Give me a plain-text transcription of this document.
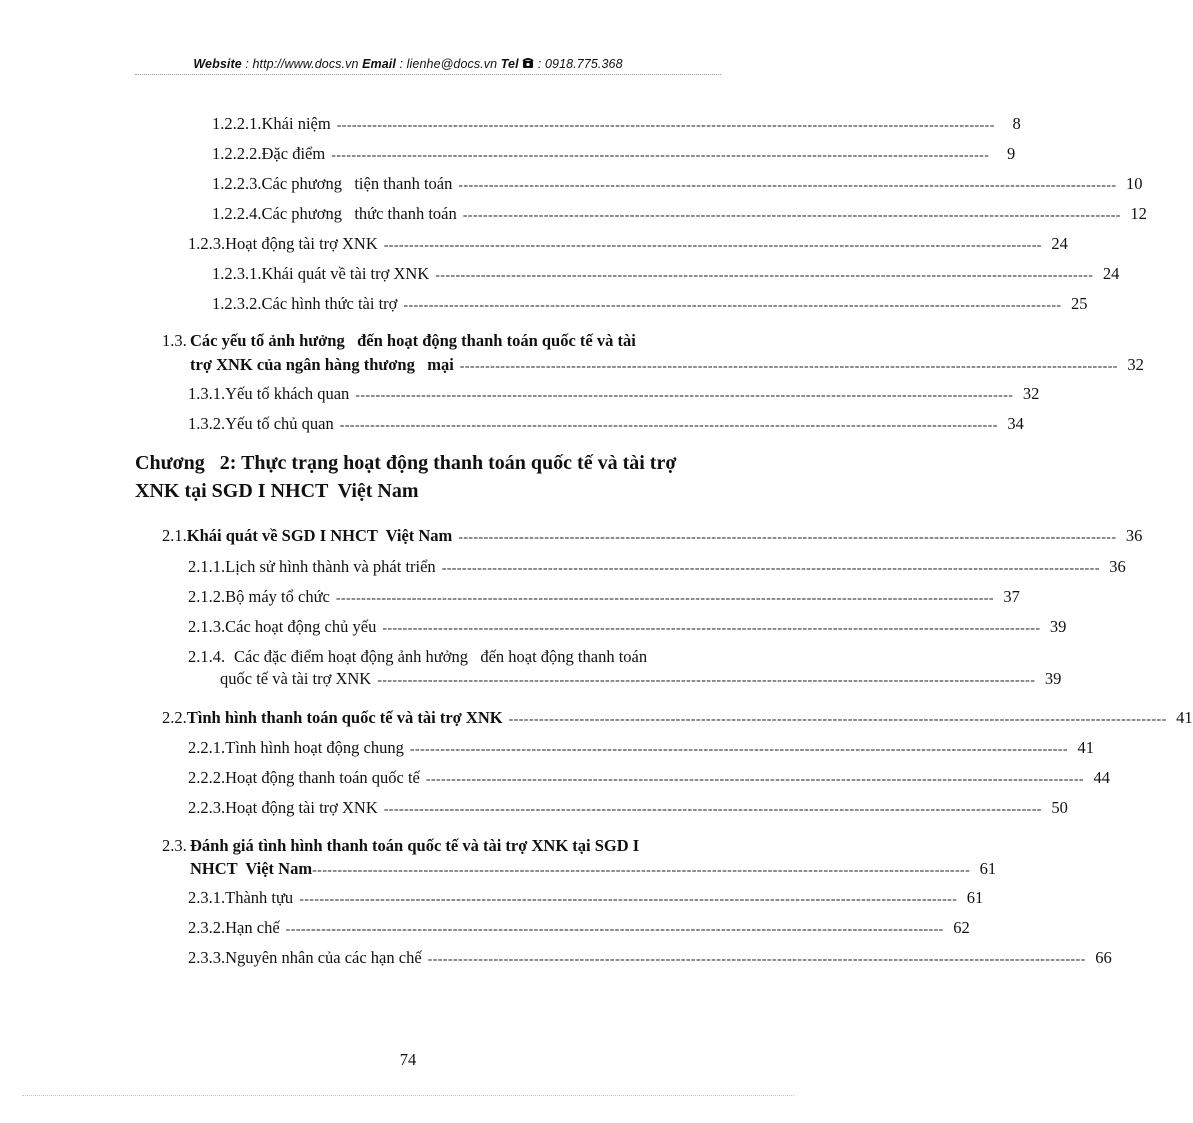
Website : http://www.docs.vn Email : lienhe@docs.vn Tel  : 0918.775.368
1.2.2.1. Khái niệm ----------------------------------------------------------------------------------------------------------------------------------	8
1.2.2.2. Đặc điểm ----------------------------------------------------------------------------------------------------------------------------------	9
1.2.2.3. Các phương   tiện thanh toán ---------------------------------------------------------------------------------------------------------------------------------- 10
1.2.2.4. Các phương   thức thanh toán ---------------------------------------------------------------------------------------------------------------------------------- 12
1.2.3. Hoạt động tài trợ XNK ---------------------------------------------------------------------------------------------------------------------------------- 24
1.2.3.1. Khái quát về tài trợ XNK ---------------------------------------------------------------------------------------------------------------------------------- 24
1.2.3.2. Các hình thức tài trợ ---------------------------------------------------------------------------------------------------------------------------------- 25
1.3. Các yếu tố ảnh hưởng   đến hoạt động thanh toán quốc tế và tài
trợ XNK của ngân hàng thương   mại ---------------------------------------------------------------------------------------------------------------------------------- 32
1.3.1. Yếu tố khách quan ---------------------------------------------------------------------------------------------------------------------------------- 32
1.3.2. Yếu tố chủ quan ---------------------------------------------------------------------------------------------------------------------------------- 34
Chương   2: Thực trạng hoạt động thanh toán quốc tế và tài trợ
XNK tại SGD I NHCT  Việt Nam
2.1. Khái quát về SGD I NHCT  Việt Nam ---------------------------------------------------------------------------------------------------------------------------------- 36
2.1.1. Lịch sử hình thành và phát triển ---------------------------------------------------------------------------------------------------------------------------------- 36
2.1.2. Bộ máy tổ chức ---------------------------------------------------------------------------------------------------------------------------------- 37
2.1.3. Các hoạt động chủ yếu ---------------------------------------------------------------------------------------------------------------------------------- 39
2.1.4. Các đặc điểm hoạt động ảnh hưởng   đến hoạt động thanh toán
quốc tế và tài trợ XNK ---------------------------------------------------------------------------------------------------------------------------------- 39
2.2. Tình hình thanh toán quốc tế và tài trợ XNK ---------------------------------------------------------------------------------------------------------------------------------- 41
2.2.1. Tình hình hoạt động chung ---------------------------------------------------------------------------------------------------------------------------------- 41
2.2.2. Hoạt động thanh toán quốc tế ---------------------------------------------------------------------------------------------------------------------------------- 44
2.2.3. Hoạt động tài trợ XNK ---------------------------------------------------------------------------------------------------------------------------------- 50
2.3. Đánh giá tình hình thanh toán quốc tế và tài trợ XNK tại SGD I
NHCT  Việt Nam ---------------------------------------------------------------------------------------------------------------------------------- 61
2.3.1. Thành tựu ---------------------------------------------------------------------------------------------------------------------------------- 61
2.3.2. Hạn chế ---------------------------------------------------------------------------------------------------------------------------------- 62
2.3.3. Nguyên nhân của các hạn chế ---------------------------------------------------------------------------------------------------------------------------------- 66
74
